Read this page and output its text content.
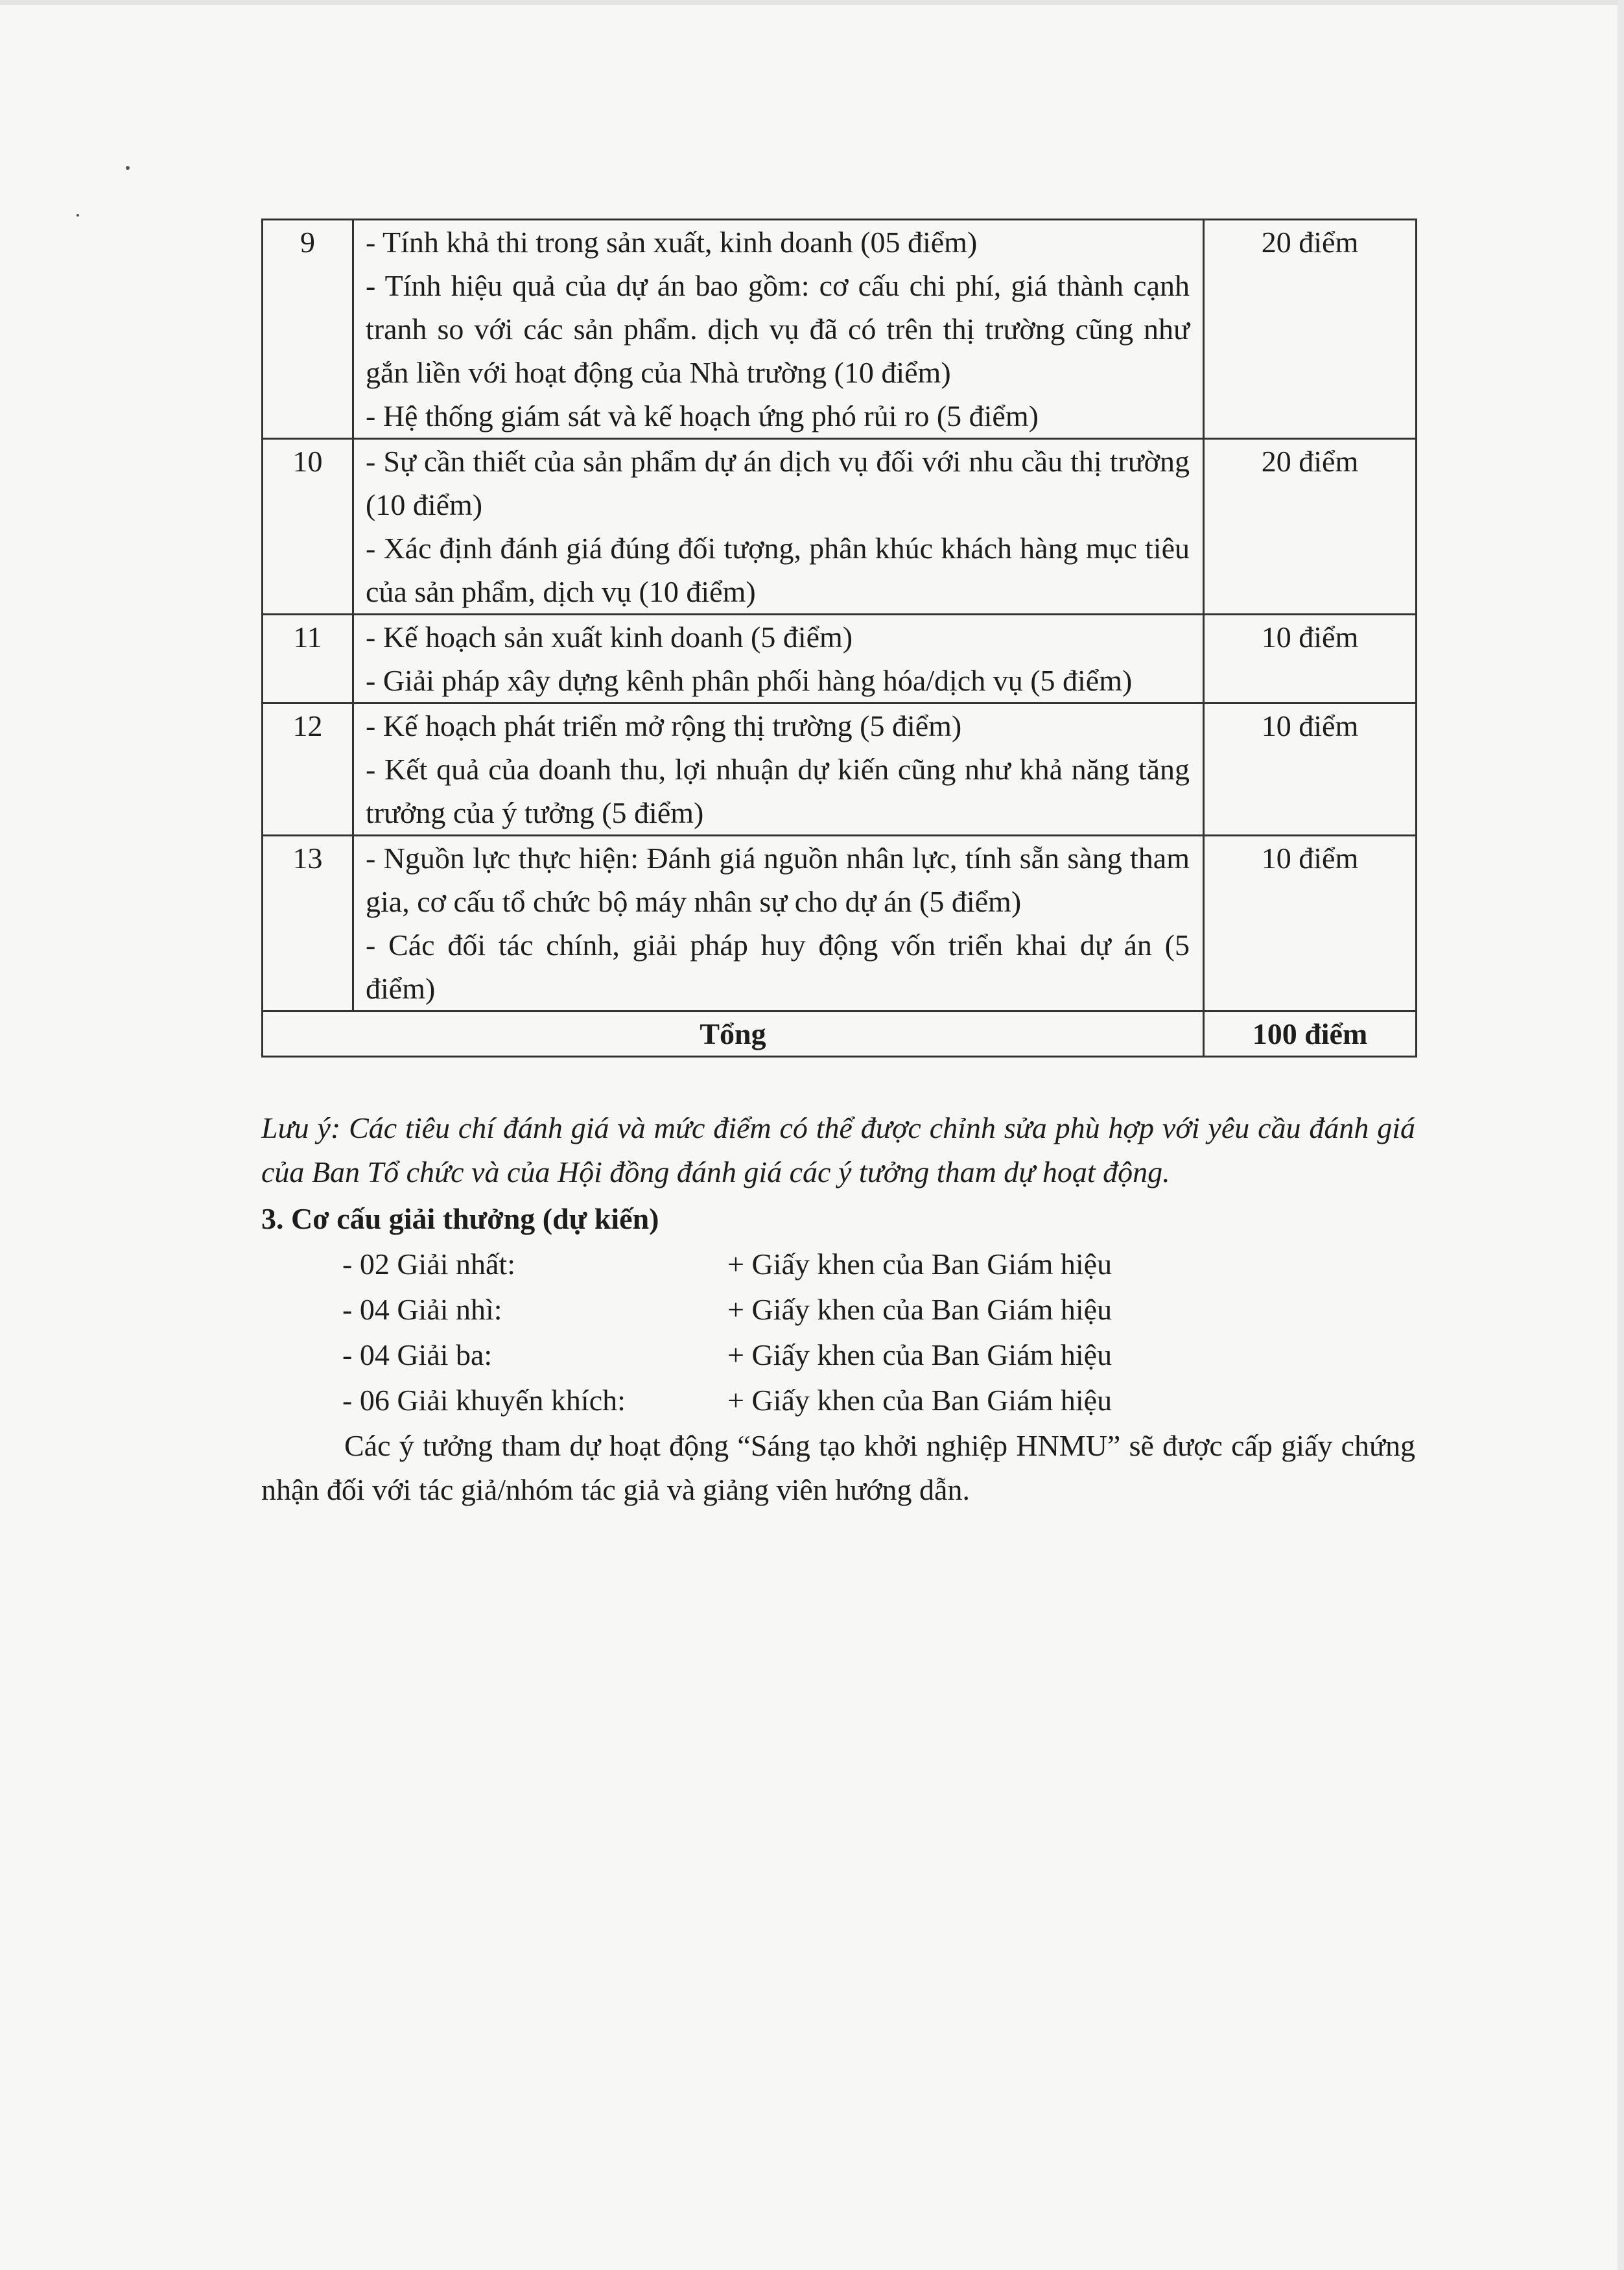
9	- Tính khả thi trong sản xuất, kinh doanh (05 điểm)
- Tính hiệu quả của dự án bao gồm: cơ cấu chi phí, giá thành cạnh tranh so với các sản phẩm. dịch vụ đã có trên thị trường cũng như gắn liền với hoạt động của Nhà trường (10 điểm)
- Hệ thống giám sát và kế hoạch ứng phó rủi ro (5 điểm)	20 điểm
10	- Sự cần thiết của sản phẩm dự án dịch vụ đối với nhu cầu thị trường (10 điểm)
- Xác định đánh giá đúng đối tượng, phân khúc khách hàng mục tiêu của sản phẩm, dịch vụ (10 điểm)	20 điểm
11	- Kế hoạch sản xuất kinh doanh (5 điểm)
- Giải pháp xây dựng kênh phân phối hàng hóa/dịch vụ (5 điểm)	10 điểm
12	- Kế hoạch phát triển mở rộng thị trường (5 điểm)
- Kết quả của doanh thu, lợi nhuận dự kiến cũng như khả năng tăng trưởng của ý tưởng (5 điểm)	10 điểm
13	- Nguồn lực thực hiện: Đánh giá nguồn nhân lực, tính sẵn sàng tham gia, cơ cấu tổ chức bộ máy nhân sự cho dự án (5 điểm)
- Các đối tác chính, giải pháp huy động vốn triển khai dự án (5 điểm)	10 điểm
Tổng		100 điểm
Lưu ý: Các tiêu chí đánh giá và mức điểm có thể được chỉnh sửa phù hợp với yêu cầu đánh giá của Ban Tổ chức và của Hội đồng đánh giá các ý tưởng tham dự hoạt động.
3. Cơ cấu giải thưởng (dự kiến)
- 02 Giải nhất:	+ Giấy khen của Ban Giám hiệu
- 04 Giải nhì:	+ Giấy khen của Ban Giám hiệu
- 04 Giải ba:	+ Giấy khen của Ban Giám hiệu
- 06 Giải khuyến khích:	+ Giấy khen của Ban Giám hiệu
Các ý tưởng tham dự hoạt động “Sáng tạo khởi nghiệp HNMU” sẽ được cấp giấy chứng nhận đối với tác giả/nhóm tác giả và giảng viên hướng dẫn.
